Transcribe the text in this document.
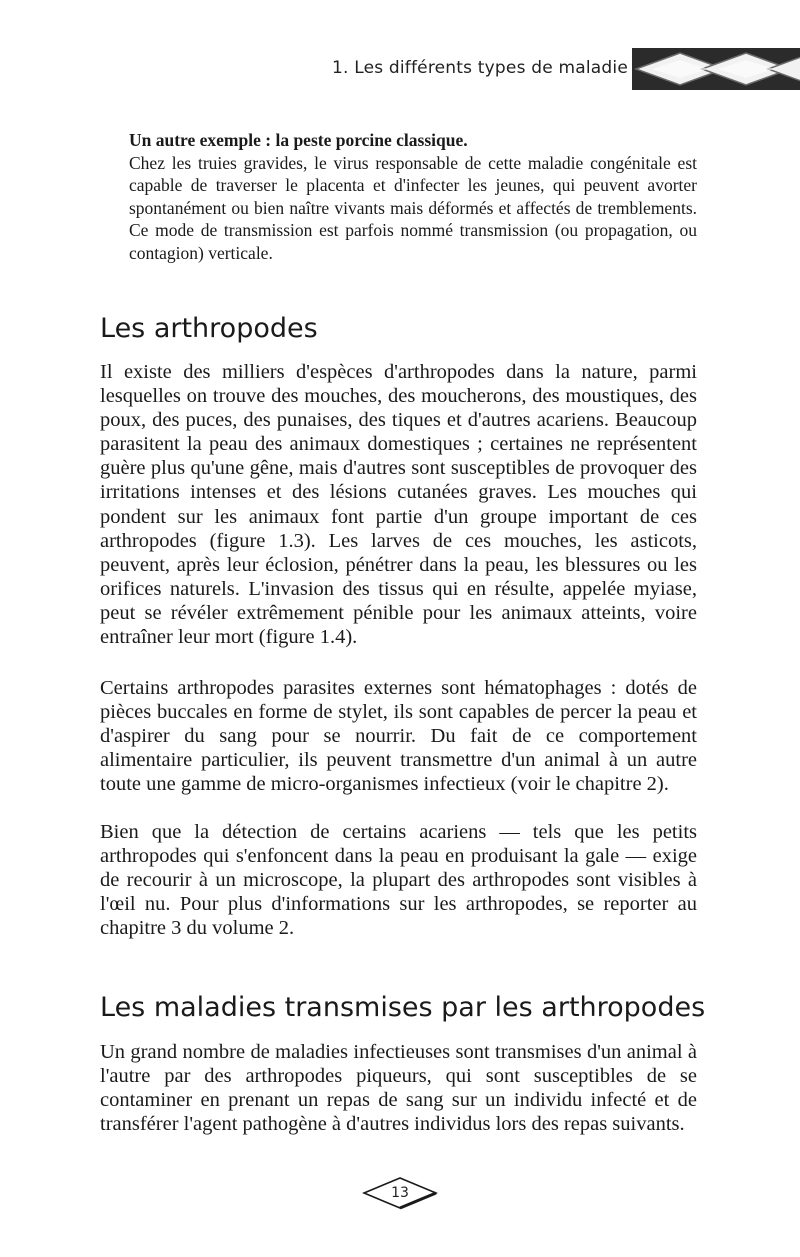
1. Les différents types de maladie

Un autre exemple : la peste porcine classique.

Chez les truies gravides, le virus responsable de cette maladie congénitale est capable de traverser le placenta et d'infecter les jeunes, qui peuvent avorter spontanément ou bien naître vivants mais déformés et affectés de tremblements. Ce mode de transmission est parfois nommé transmission (ou propagation, ou contagion) verticale.

Les arthropodes

Il existe des milliers d'espèces d'arthropodes dans la nature, parmi lesquelles on trouve des mouches, des moucherons, des moustiques, des poux, des puces, des punaises, des tiques et d'autres acariens. Beaucoup parasitent la peau des animaux domestiques ; certaines ne représentent guère plus qu'une gêne, mais d'autres sont susceptibles de provoquer des irritations intenses et des lésions cutanées graves. Les mouches qui pondent sur les animaux font partie d'un groupe important de ces arthropodes (figure 1.3). Les larves de ces mouches, les asticots, peuvent, après leur éclosion, pénétrer dans la peau, les blessures ou les orifices naturels. L'invasion des tissus qui en résulte, appelée myiase, peut se révéler extrêmement pénible pour les animaux atteints, voire entraîner leur mort (figure 1.4).

Certains arthropodes parasites externes sont hématophages : dotés de pièces buccales en forme de stylet, ils sont capables de percer la peau et d'aspirer du sang pour se nourrir. Du fait de ce comportement alimentaire particulier, ils peuvent transmettre d'un animal à un autre toute une gamme de micro-organismes infectieux (voir le chapitre 2).

Bien que la détection de certains acariens — tels que les petits arthropodes qui s'enfoncent dans la peau en produisant la gale — exige de recourir à un microscope, la plupart des arthropodes sont visibles à l'œil nu. Pour plus d'informations sur les arthropodes, se reporter au chapitre 3 du volume 2.

Les maladies transmises par les arthropodes

Un grand nombre de maladies infectieuses sont transmises d'un animal à l'autre par des arthropodes piqueurs, qui sont susceptibles de se contaminer en prenant un repas de sang sur un individu infecté et de transférer l'agent pathogène à d'autres individus lors des repas suivants.

13
